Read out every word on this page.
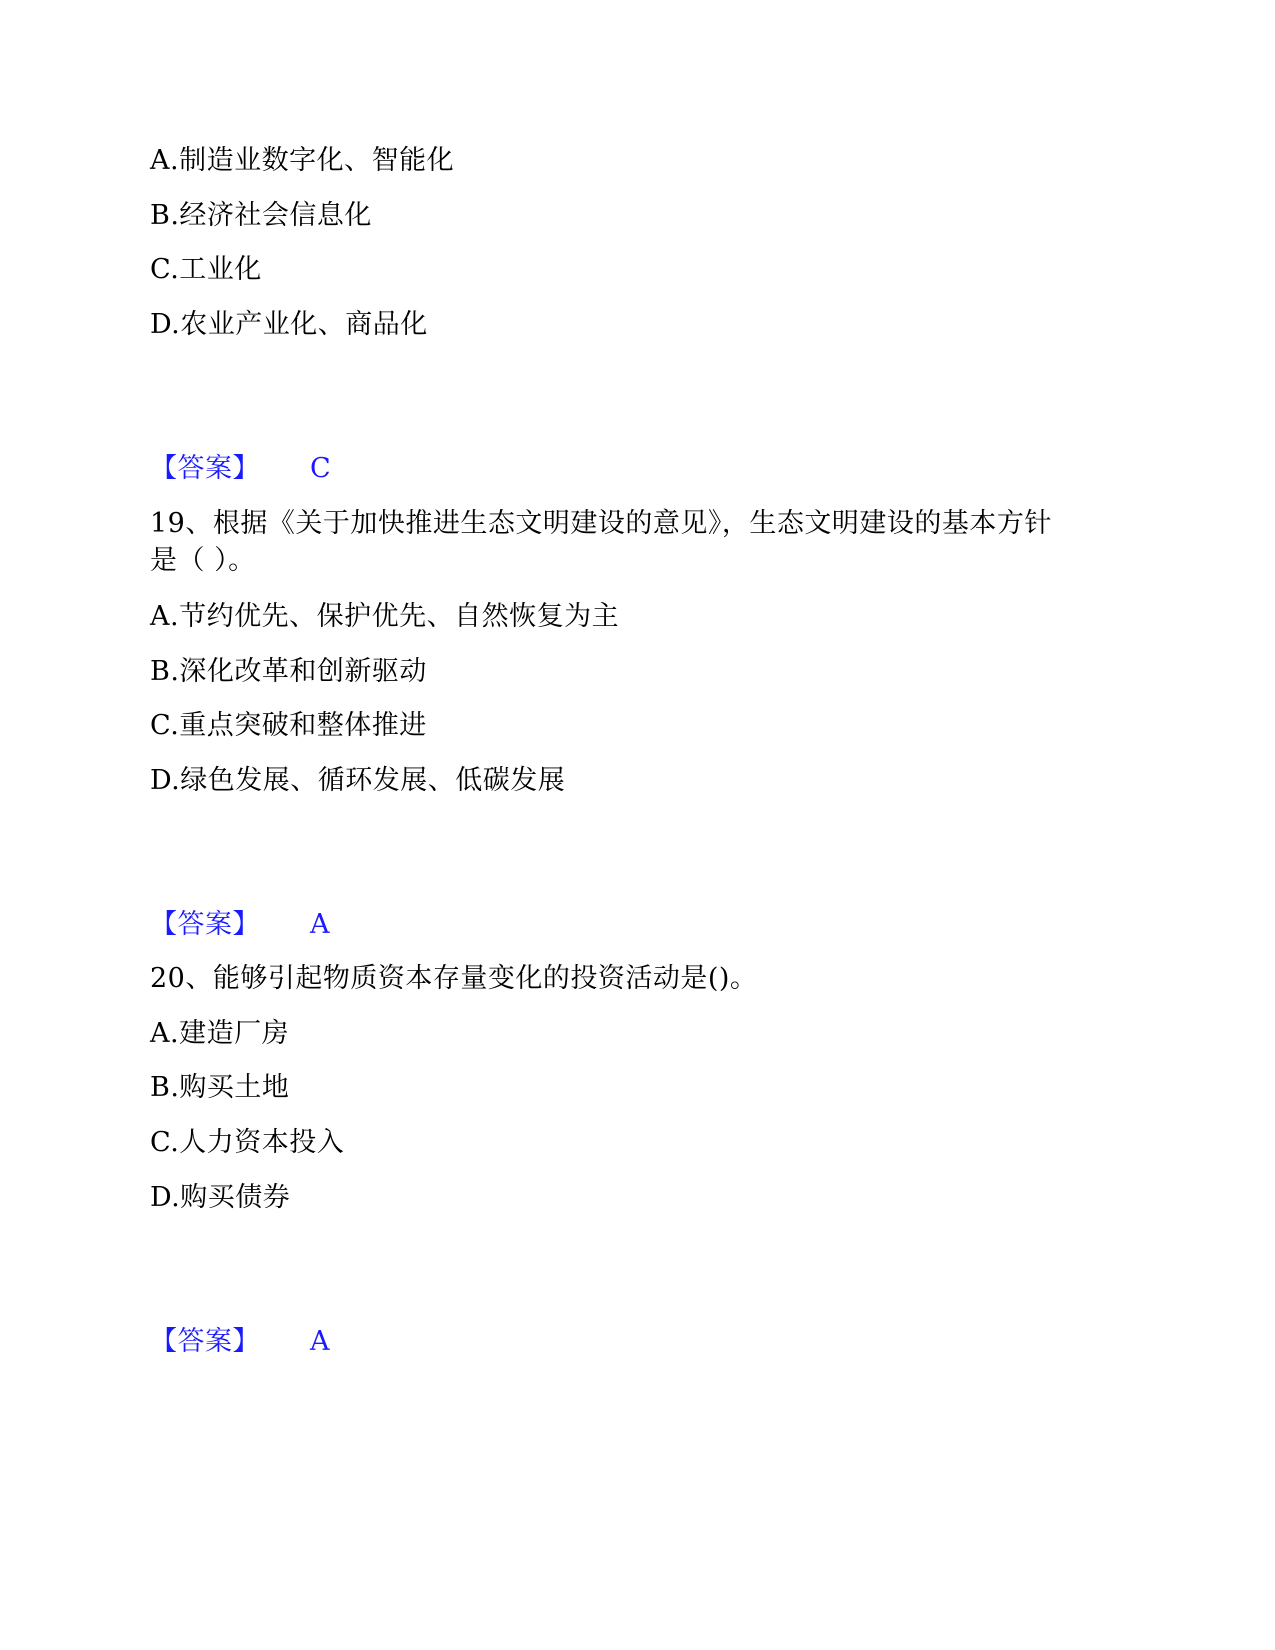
A.制造业数字化、智能化
B.经济社会信息化
C.工业化
D.农业产业化、商品化
【答案】 C
19、根据《关于加快推进生态文明建设的意见》，生态文明建设的基本方针
是（ ）。
A.节约优先、保护优先、自然恢复为主
B.深化改革和创新驱动
C.重点突破和整体推进
D.绿色发展、循环发展、低碳发展
【答案】 A
20、能够引起物质资本存量变化的投资活动是()。
A.建造厂房
B.购买土地
C.人力资本投入
D.购买债券
【答案】 A
